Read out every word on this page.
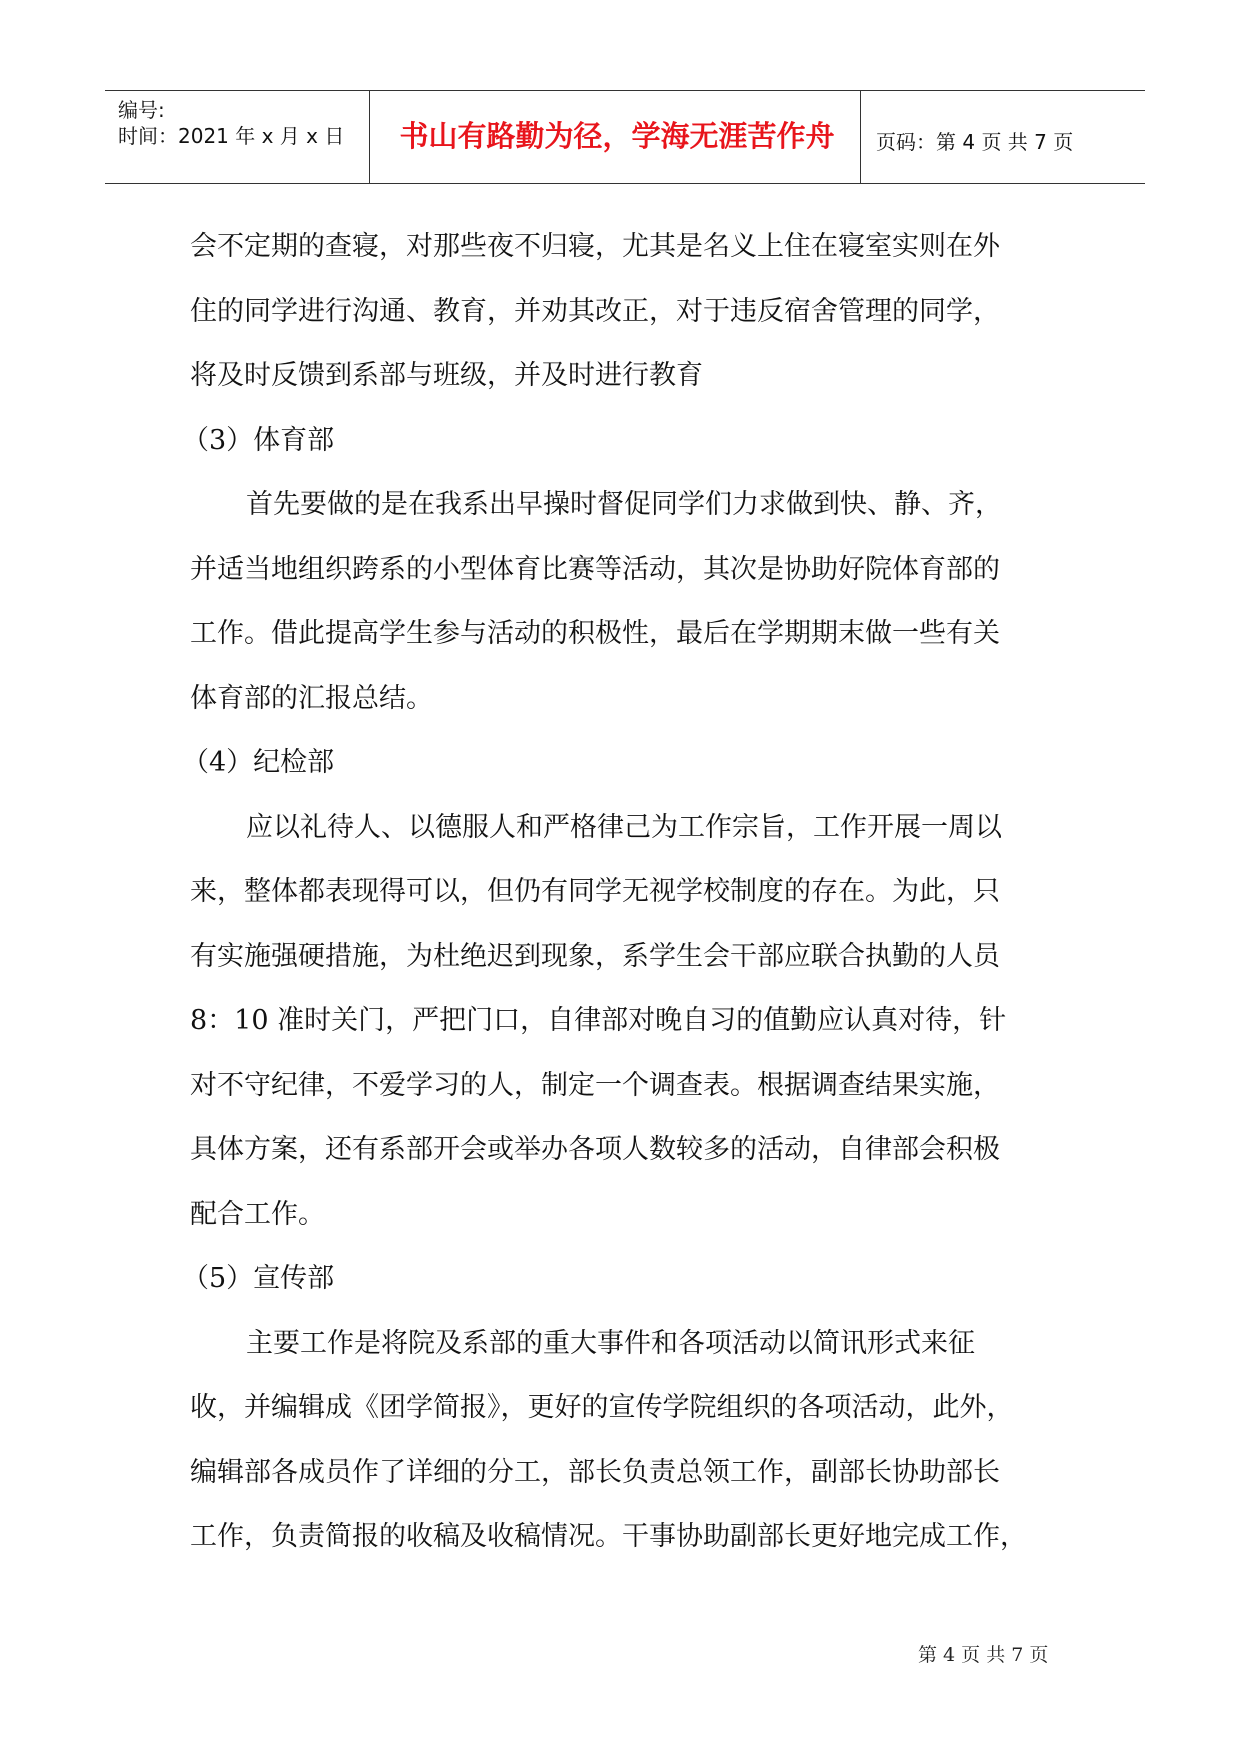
编号:
时间：2021 年 x 月 x 日	书山有路勤为径，学海无涯苦作舟	页码：第 4 页 共 7 页
会不定期的查寝，对那些夜不归寝，尤其是名义上住在寝室实则在外
住的同学进行沟通、教育，并劝其改正，对于违反宿舍管理的同学，
将及时反馈到系部与班级，并及时进行教育
（3）体育部
首先要做的是在我系出早操时督促同学们力求做到快、静、齐，
并适当地组织跨系的小型体育比赛等活动，其次是协助好院体育部的
工作。借此提高学生参与活动的积极性，最后在学期期末做一些有关
体育部的汇报总结。
（4）纪检部
应以礼待人、以德服人和严格律己为工作宗旨，工作开展一周以
来，整体都表现得可以，但仍有同学无视学校制度的存在。为此，只
有实施强硬措施，为杜绝迟到现象，系学生会干部应联合执勤的人员
8：10 准时关门，严把门口，自律部对晚自习的值勤应认真对待，针
对不守纪律，不爱学习的人，制定一个调查表。根据调查结果实施，
具体方案，还有系部开会或举办各项人数较多的活动，自律部会积极
配合工作。
（5）宣传部
主要工作是将院及系部的重大事件和各项活动以简讯形式来征
收，并编辑成《团学简报》，更好的宣传学院组织的各项活动，此外，
编辑部各成员作了详细的分工，部长负责总领工作，副部长协助部长
工作，负责简报的收稿及收稿情况。干事协助副部长更好地完成工作，
第 4 页 共 7 页
